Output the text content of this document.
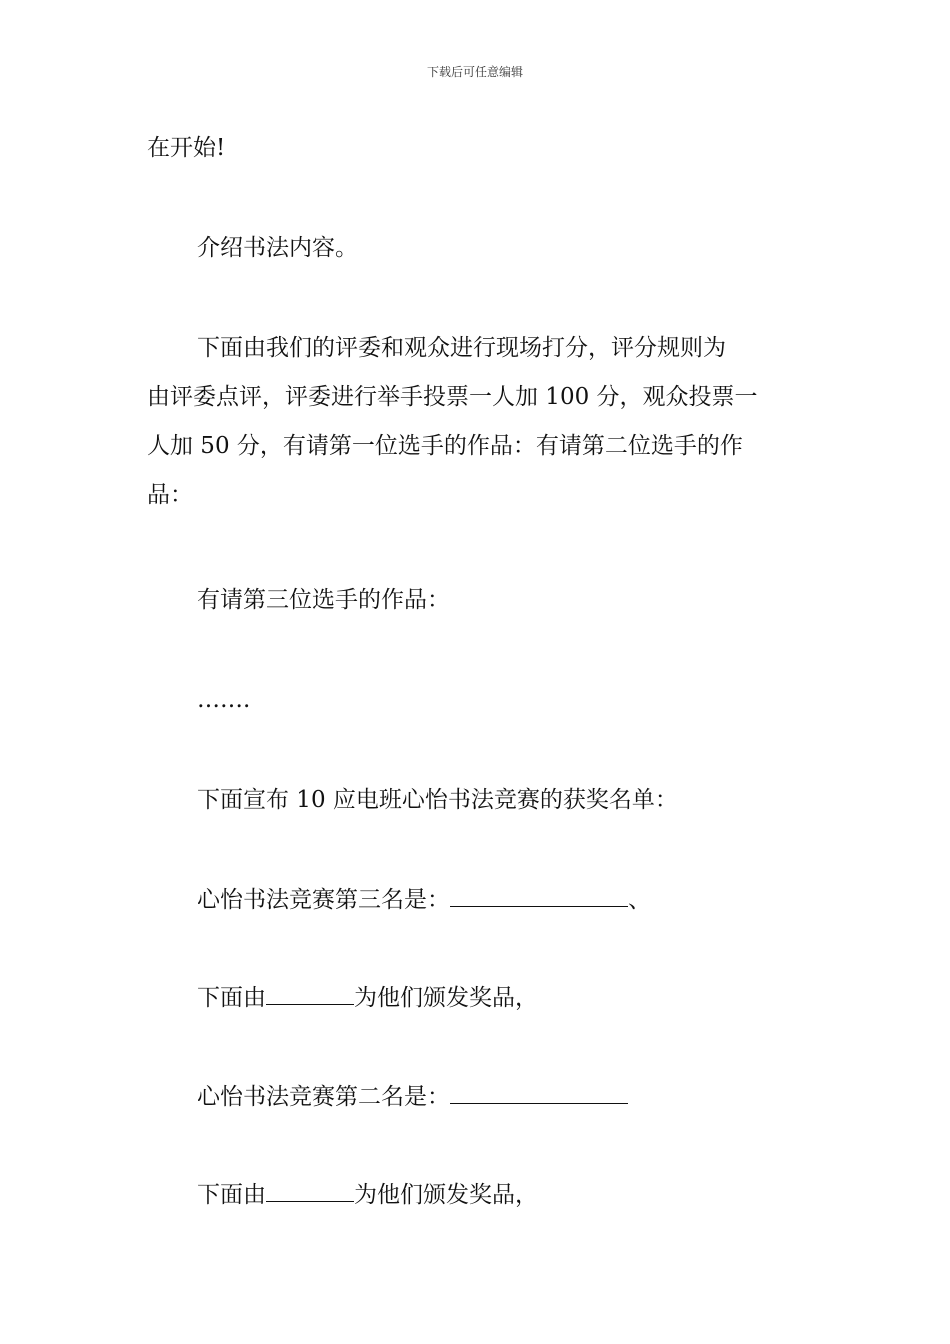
下载后可任意编辑
在开始!
介绍书法内容。
下面由我们的评委和观众进行现场打分，评分规则为
由评委点评，评委进行举手投票一人加 100 分，观众投票一
人加 50 分，有请第一位选手的作品：有请第二位选手的作
品：
有请第三位选手的作品：
…….
下面宣布 10 应电班心怡书法竞赛的获奖名单：
心怡书法竞赛第三名是：	、
下面由	为他们颁发奖品，
心怡书法竞赛第二名是：
下面由	为他们颁发奖品，
